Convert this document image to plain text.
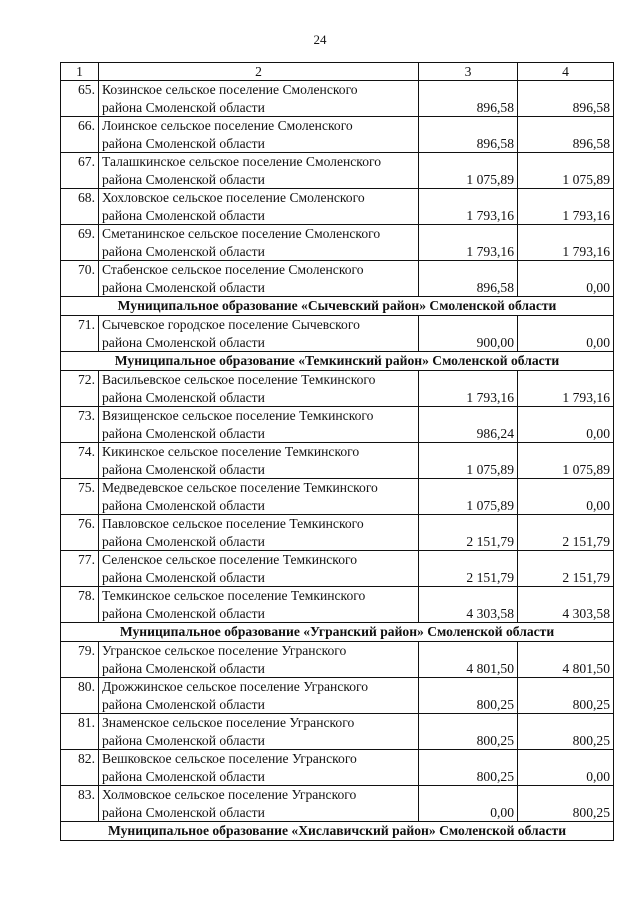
24
1	2	3	4
65.	Козинское сельское поселение Смоленского
района Смоленской области	896,58	896,58
66.	Лоинское сельское поселение Смоленского
района Смоленской области	896,58	896,58
67.	Талашкинское сельское поселение Смоленского
района Смоленской области	1 075,89	1 075,89
68.	Хохловское сельское поселение Смоленского
района Смоленской области	1 793,16	1 793,16
69.	Сметанинское сельское поселение Смоленского
района Смоленской области	1 793,16	1 793,16
70.	Стабенское сельское поселение Смоленского
района Смоленской области	896,58	0,00
Муниципальное образование «Сычевский район» Смоленской области			
71.	Сычевское городское поселение Сычевского
района Смоленской области	900,00	0,00
Муниципальное образование «Темкинский район» Смоленской области			
72.	Васильевское сельское поселение Темкинского
района Смоленской области	1 793,16	1 793,16
73.	Вязищенское сельское поселение Темкинского
района Смоленской области	986,24	0,00
74.	Кикинское сельское поселение Темкинского
района Смоленской области	1 075,89	1 075,89
75.	Медведевское сельское поселение Темкинского
района Смоленской области	1 075,89	0,00
76.	Павловское сельское поселение Темкинского
района Смоленской области	2 151,79	2 151,79
77.	Селенское сельское поселение Темкинского
района Смоленской области	2 151,79	2 151,79
78.	Темкинское сельское поселение Темкинского
района Смоленской области	4 303,58	4 303,58
Муниципальное образование «Угранский район» Смоленской области			
79.	Угранское сельское поселение Угранского
района Смоленской области	4 801,50	4 801,50
80.	Дрожжинское сельское поселение Угранского
района Смоленской области	800,25	800,25
81.	Знаменское сельское поселение Угранского
района Смоленской области	800,25	800,25
82.	Вешковское сельское поселение Угранского
района Смоленской области	800,25	0,00
83.	Холмовское сельское поселение Угранского
района Смоленской области	0,00	800,25
Муниципальное образование «Хиславичский район» Смоленской области			
